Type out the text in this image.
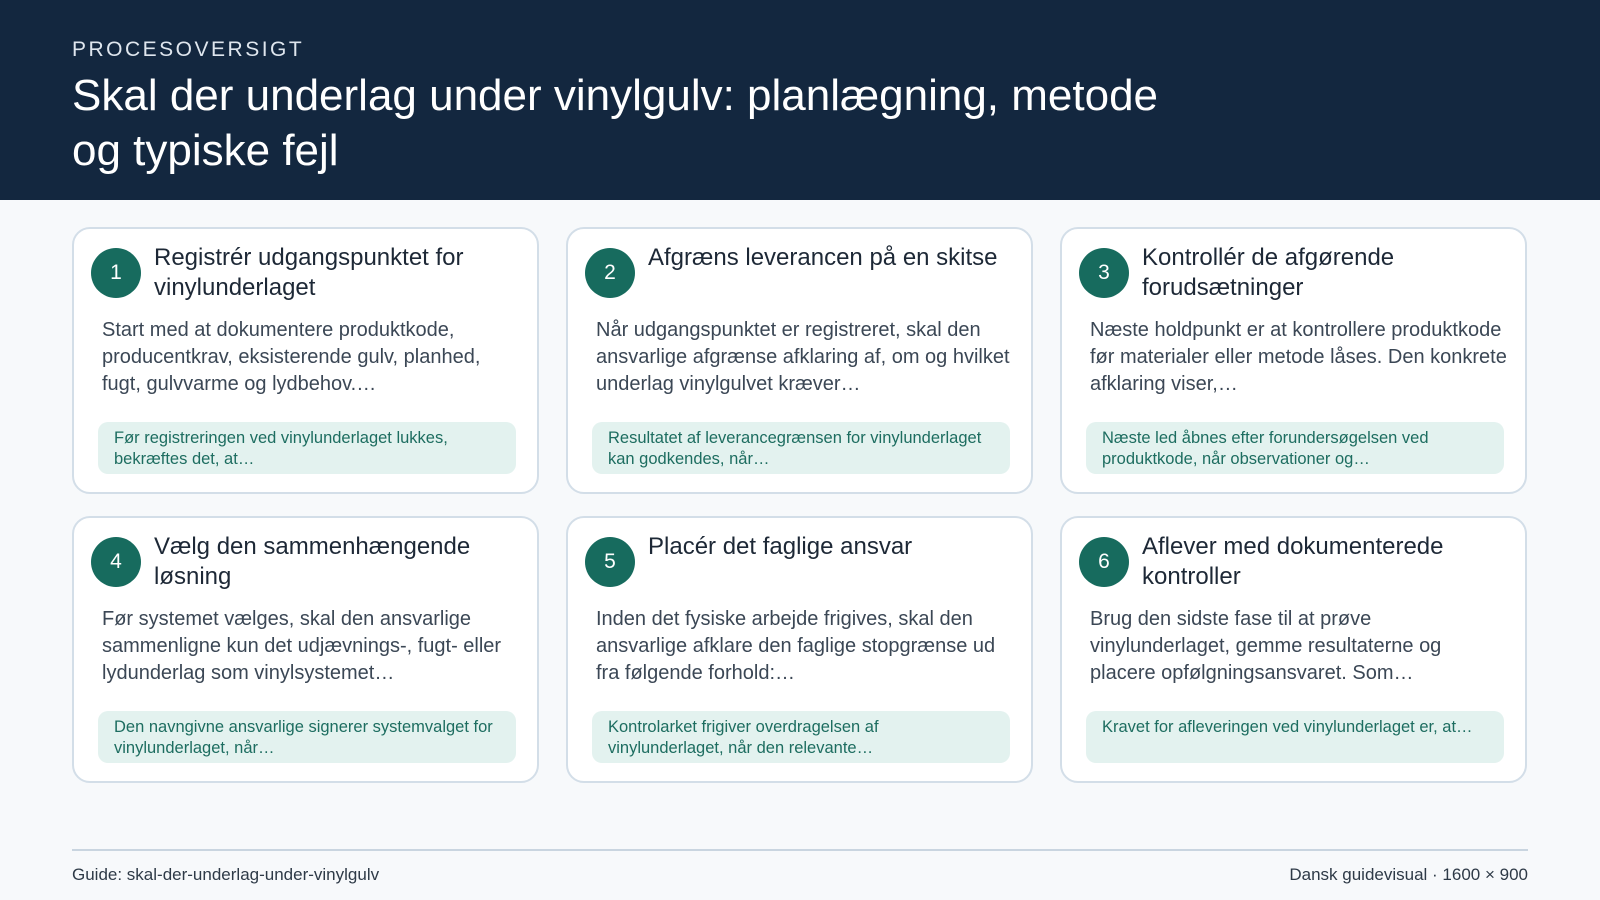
PROCESOVERSIGT
Skal der underlag under vinylgulv: planlægning, metode og typiske fejl
1
Registrér udgangspunktet for vinylunderlaget
Start med at dokumentere produktkode, producentkrav, eksisterende gulv, planhed, fugt, gulvvarme og lydbehov.…
Før registreringen ved vinylunderlaget lukkes, bekræftes det, at…
2
Afgræns leverancen på en skitse
Når udgangspunktet er registreret, skal den ansvarlige afgrænse afklaring af, om og hvilket underlag vinylgulvet kræver…
Resultatet af leverancegrænsen for vinylunderlaget kan godkendes, når…
3
Kontrollér de afgørende forudsætninger
Næste holdpunkt er at kontrollere produktkode før materialer eller metode låses. Den konkrete afklaring viser,…
Næste led åbnes efter forundersøgelsen ved produktkode, når observationer og…
4
Vælg den sammenhængende løsning
Før systemet vælges, skal den ansvarlige sammenligne kun det udjævnings-, fugt- eller lydunderlag som vinylsystemet…
Den navngivne ansvarlige signerer systemvalget for vinylunderlaget, når…
5
Placér det faglige ansvar
Inden det fysiske arbejde frigives, skal den ansvarlige afklare den faglige stopgrænse ud fra følgende forhold:…
Kontrolarket frigiver overdragelsen af vinylunderlaget, når den relevante…
6
Aflever med dokumenterede kontroller
Brug den sidste fase til at prøve vinylunderlaget, gemme resultaterne og placere opfølgningsansvaret. Som…
Kravet for afleveringen ved vinylunderlaget er, at…
Guide: skal-der-underlag-under-vinylgulv	Dansk guidevisual · 1600 × 900
